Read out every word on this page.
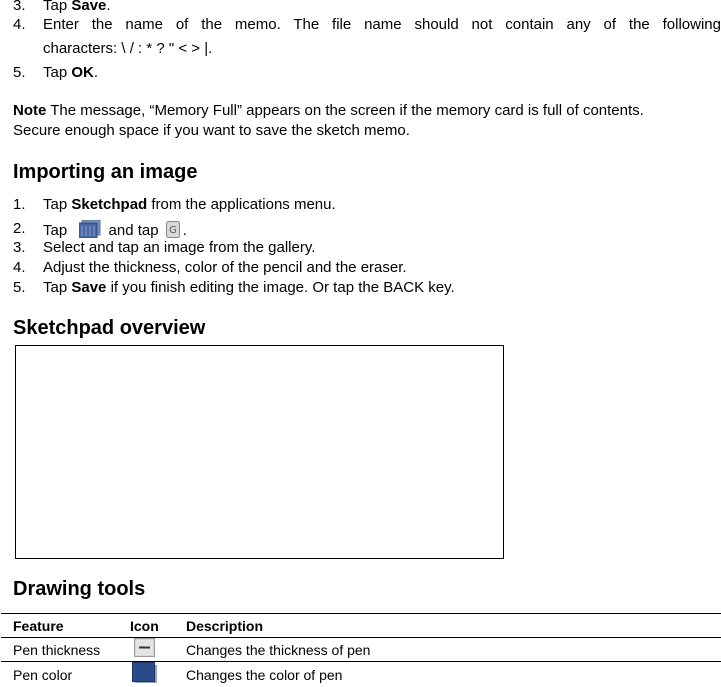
3. Tap Save.
4. Enter the name of the memo. The file name should not contain any of the following
characters: \ / : * ? " < > |.
5. Tap OK.
Note The message, “Memory Full” appears on the screen if the memory card is full of contents.
Secure enough space if you want to save the sketch memo.
Importing an image
1. Tap Sketchpad from the applications menu.
2. Tap  and tap G .
3. Select and tap an image from the gallery.
4. Adjust the thickness, color of the pencil and the eraser.
5. Tap Save if you finish editing the image. Or tap the BACK key.
Sketchpad overview
Drawing tools
Feature	Icon	Description
Pen thickness		Changes the thickness of pen
Pen color		Changes the color of pen
